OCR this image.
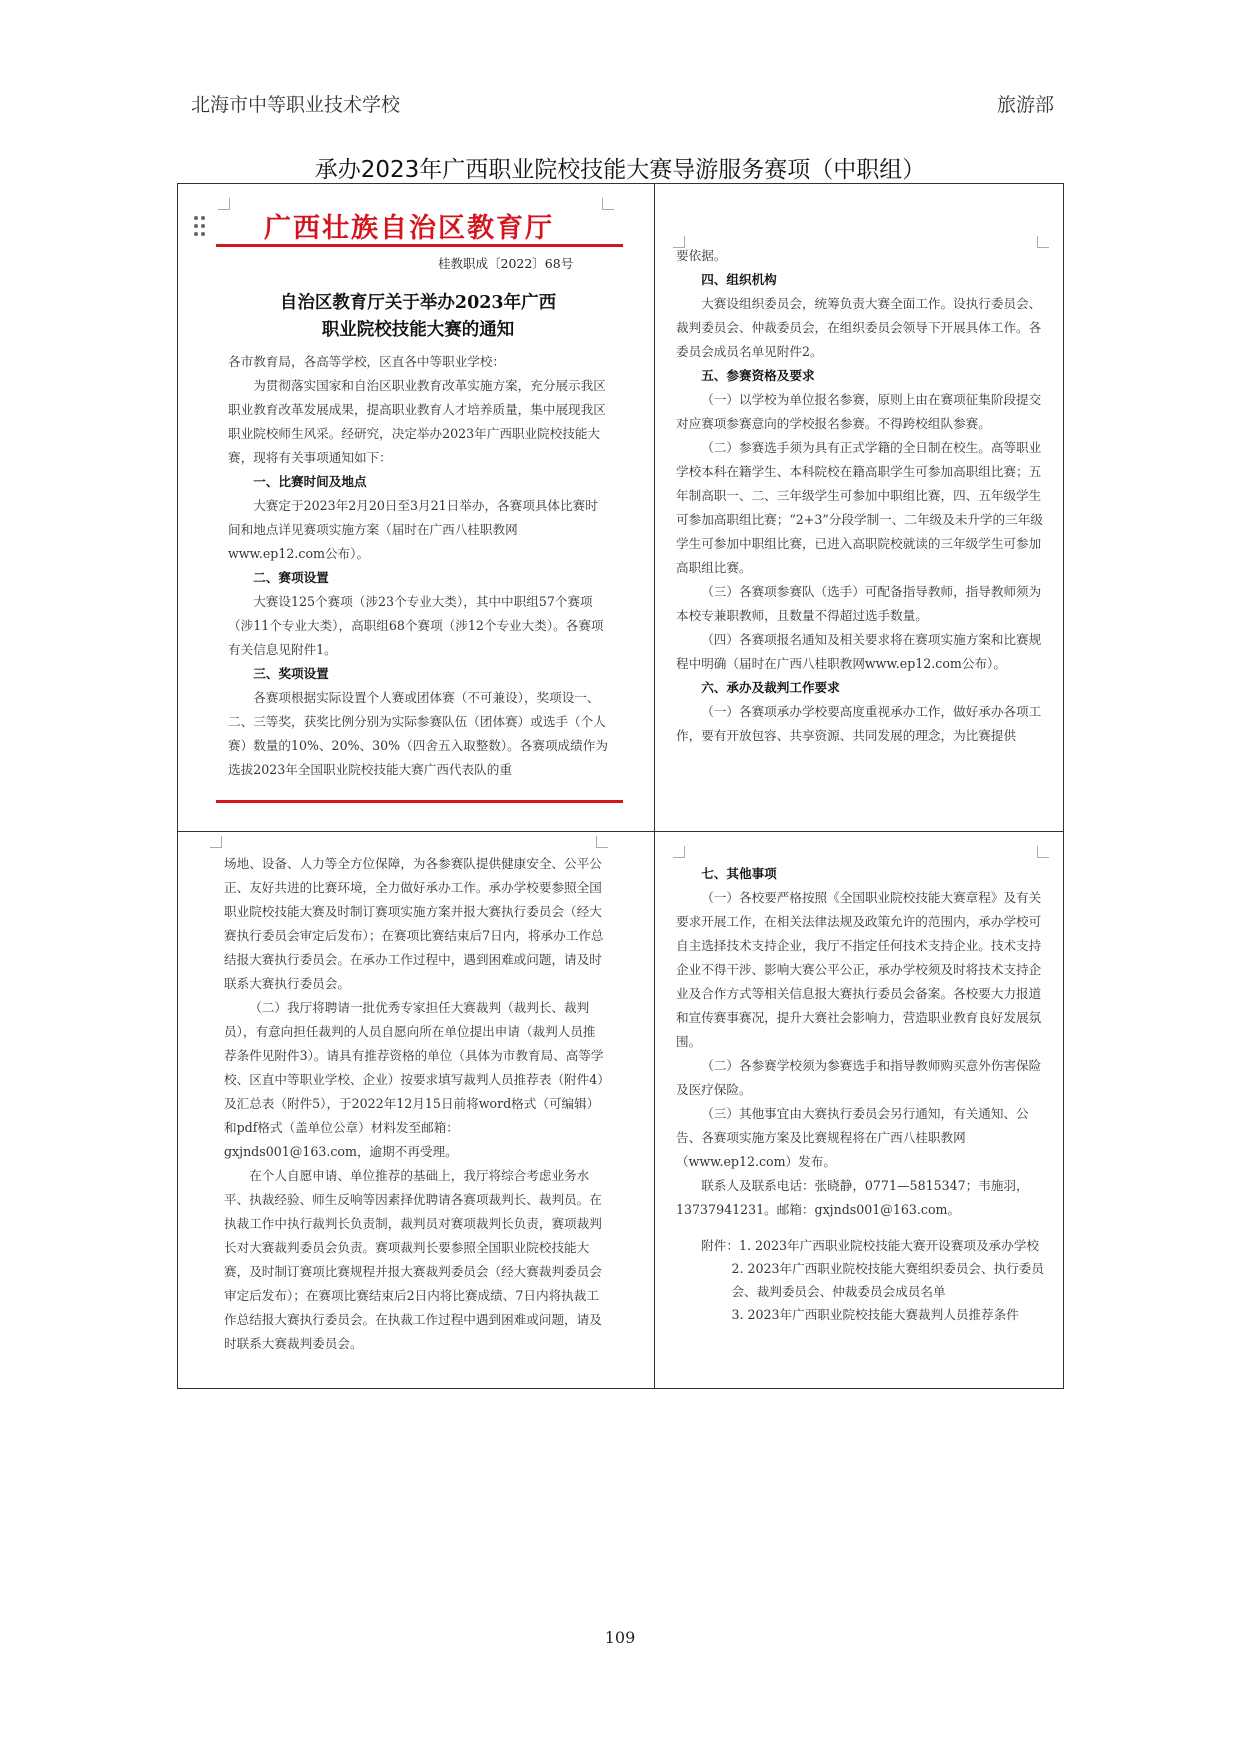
北海市中等职业技术学校	旅游部
承办2023年广西职业院校技能大赛导游服务赛项（中职组）
广西壮族自治区教育厅
桂教职成〔2022〕68号
自治区教育厅关于举办2023年广西
职业院校技能大赛的通知

各市教育局，各高等学校，区直各中等职业学校：

为贯彻落实国家和自治区职业教育改革实施方案，充分展示我区职业教育改革发展成果，提高职业教育人才培养质量，集中展现我区职业院校师生风采。经研究，决定举办2023年广西职业院校技能大赛，现将有关事项通知如下：

一、比赛时间及地点

大赛定于2023年2月20日至3月21日举办，各赛项具体比赛时间和地点详见赛项实施方案（届时在广西八桂职教网www.ep12.com公布）。

二、赛项设置

大赛设125个赛项（涉23个专业大类），其中中职组57个赛项（涉11个专业大类），高职组68个赛项（涉12个专业大类）。各赛项有关信息见附件1。

三、奖项设置

各赛项根据实际设置个人赛或团体赛（不可兼设），奖项设一、二、三等奖，获奖比例分别为实际参赛队伍（团体赛）或选手（个人赛）数量的10%、20%、30%（四舍五入取整数）。各赛项成绩作为选拔2023年全国职业院校技能大赛广西代表队的重

要依据。

四、组织机构

大赛设组织委员会，统筹负责大赛全面工作。设执行委员会、裁判委员会、仲裁委员会，在组织委员会领导下开展具体工作。各委员会成员名单见附件2。

五、参赛资格及要求

（一）以学校为单位报名参赛，原则上由在赛项征集阶段提交对应赛项参赛意向的学校报名参赛。不得跨校组队参赛。

（二）参赛选手须为具有正式学籍的全日制在校生。高等职业学校本科在籍学生、本科院校在籍高职学生可参加高职组比赛；五年制高职一、二、三年级学生可参加中职组比赛，四、五年级学生可参加高职组比赛；“2+3”分段学制一、二年级及未升学的三年级学生可参加中职组比赛，已进入高职院校就读的三年级学生可参加高职组比赛。

（三）各赛项参赛队（选手）可配备指导教师，指导教师须为本校专兼职教师，且数量不得超过选手数量。

（四）各赛项报名通知及相关要求将在赛项实施方案和比赛规程中明确（届时在广西八桂职教网www.ep12.com公布）。

六、承办及裁判工作要求

（一）各赛项承办学校要高度重视承办工作，做好承办各项工作，要有开放包容、共享资源、共同发展的理念，为比赛提供

场地、设备、人力等全方位保障，为各参赛队提供健康安全、公平公正、友好共进的比赛环境，全力做好承办工作。承办学校要参照全国职业院校技能大赛及时制订赛项实施方案并报大赛执行委员会（经大赛执行委员会审定后发布）；在赛项比赛结束后7日内，将承办工作总结报大赛执行委员会。在承办工作过程中，遇到困难或问题，请及时联系大赛执行委员会。

（二）我厅将聘请一批优秀专家担任大赛裁判（裁判长、裁判员），有意向担任裁判的人员自愿向所在单位提出申请（裁判人员推荐条件见附件3）。请具有推荐资格的单位（具体为市教育局、高等学校、区直中等职业学校、企业）按要求填写裁判人员推荐表（附件4）及汇总表（附件5），于2022年12月15日前将word格式（可编辑）和pdf格式（盖单位公章）材料发至邮箱：gxjnds001@163.com，逾期不再受理。

在个人自愿申请、单位推荐的基础上，我厅将综合考虑业务水平、执裁经验、师生反响等因素择优聘请各赛项裁判长、裁判员。在执裁工作中执行裁判长负责制，裁判员对赛项裁判长负责，赛项裁判长对大赛裁判委员会负责。赛项裁判长要参照全国职业院校技能大赛，及时制订赛项比赛规程并报大赛裁判委员会（经大赛裁判委员会审定后发布）；在赛项比赛结束后2日内将比赛成绩、7日内将执裁工作总结报大赛执行委员会。在执裁工作过程中遇到困难或问题，请及时联系大赛裁判委员会。

七、其他事项

（一）各校要严格按照《全国职业院校技能大赛章程》及有关要求开展工作，在相关法律法规及政策允许的范围内，承办学校可自主选择技术支持企业，我厅不指定任何技术支持企业。技术支持企业不得干涉、影响大赛公平公正，承办学校须及时将技术支持企业及合作方式等相关信息报大赛执行委员会备案。各校要大力报道和宣传赛事赛况，提升大赛社会影响力，营造职业教育良好发展氛围。

（二）各参赛学校须为参赛选手和指导教师购买意外伤害保险及医疗保险。

（三）其他事宜由大赛执行委员会另行通知，有关通知、公告、各赛项实施方案及比赛规程将在广西八桂职教网（www.ep12.com）发布。

联系人及联系电话：张晓静，0771—5815347；韦施羽，13737941231。邮箱：gxjnds001@163.com。

附件：1. 2023年广西职业院校技能大赛开设赛项及承办学校

2. 2023年广西职业院校技能大赛组织委员会、执行委员会、裁判委员会、仲裁委员会成员名单

3. 2023年广西职业院校技能大赛裁判人员推荐条件

109
